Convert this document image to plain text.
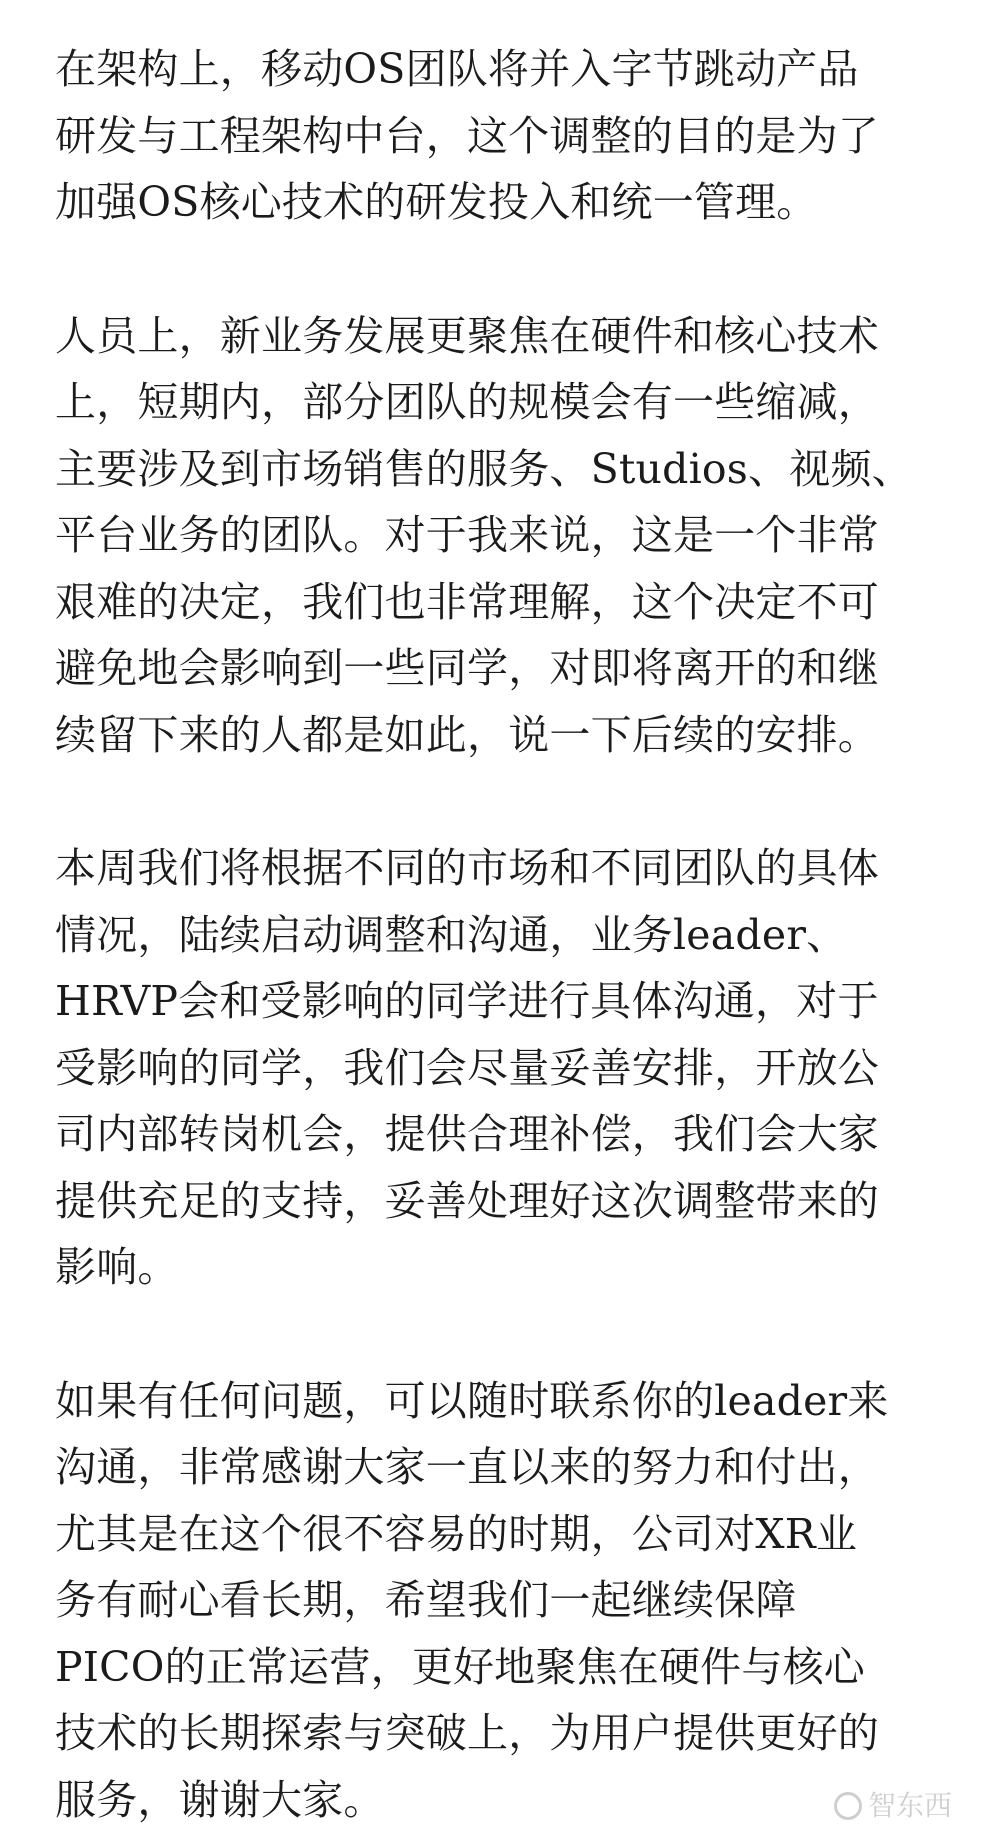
在架构上，移动OS团队将并入字节跳动产品
研发与工程架构中台，这个调整的目的是为了
加强OS核心技术的研发投入和统一管理。

人员上，新业务发展更聚焦在硬件和核心技术
上，短期内，部分团队的规模会有一些缩减，
主要涉及到市场销售的服务、Studios、视频、
平台业务的团队。对于我来说，这是一个非常
艰难的决定，我们也非常理解，这个决定不可
避免地会影响到一些同学，对即将离开的和继
续留下来的人都是如此，说一下后续的安排。

本周我们将根据不同的市场和不同团队的具体
情况，陆续启动调整和沟通，业务leader、
HRVP会和受影响的同学进行具体沟通，对于
受影响的同学，我们会尽量妥善安排，开放公
司内部转岗机会，提供合理补偿，我们会大家
提供充足的支持，妥善处理好这次调整带来的
影响。

如果有任何问题，可以随时联系你的leader来
沟通，非常感谢大家一直以来的努力和付出，
尤其是在这个很不容易的时期，公司对XR业
务有耐心看长期，希望我们一起继续保障
PICO的正常运营，更好地聚焦在硬件与核心
技术的长期探索与突破上，为用户提供更好的
服务，谢谢大家。	智东西
